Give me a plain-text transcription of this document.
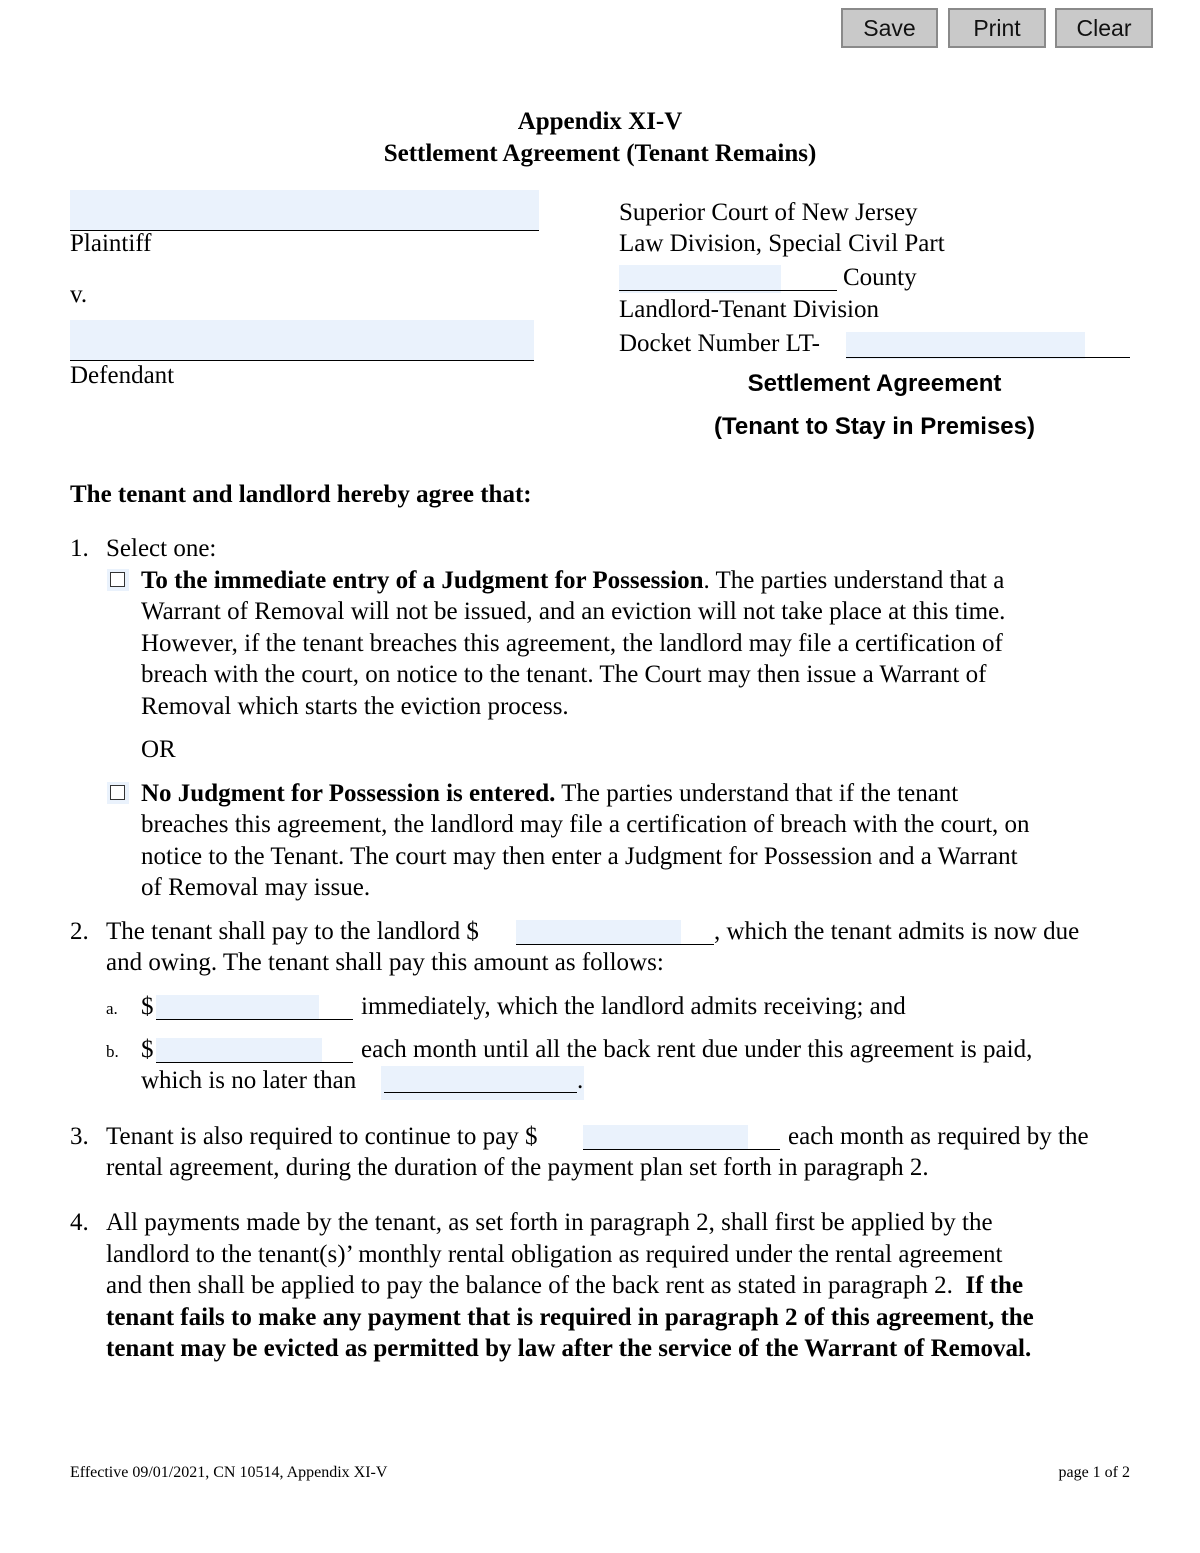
Save	Print	Clear
Appendix XI-V
Settlement Agreement (Tenant Remains)
Plaintiff
v.
Defendant
Superior Court of New Jersey
Law Division, Special Civil Part
County
Landlord-Tenant Division
Docket Number LT-
Settlement Agreement
(Tenant to Stay in Premises)
The tenant and landlord hereby agree that:
1. Select one:
To the immediate entry of a Judgment for Possession. The parties understand that a
Warrant of Removal will not be issued, and an eviction will not take place at this time.
However, if the tenant breaches this agreement, the landlord may file a certification of
breach with the court, on notice to the tenant. The Court may then issue a Warrant of
Removal which starts the eviction process.
OR
No Judgment for Possession is entered. The parties understand that if the tenant
breaches this agreement, the landlord may file a certification of breach with the court, on
notice to the Tenant. The court may then enter a Judgment for Possession and a Warrant
of Removal may issue.
2. The tenant shall pay to the landlord $	, which the tenant admits is now due
and owing. The tenant shall pay this amount as follows:
a. $	immediately, which the landlord admits receiving; and
b. $	each month until all the back rent due under this agreement is paid,
which is no later than	.
3. Tenant is also required to continue to pay $	each month as required by the
rental agreement, during the duration of the payment plan set forth in paragraph 2.
4. All payments made by the tenant, as set forth in paragraph 2, shall first be applied by the
landlord to the tenant(s)’ monthly rental obligation as required under the rental agreement
and then shall be applied to pay the balance of the back rent as stated in paragraph 2. If the
tenant fails to make any payment that is required in paragraph 2 of this agreement, the
tenant may be evicted as permitted by law after the service of the Warrant of Removal.
Effective 09/01/2021, CN 10514, Appendix XI-V	page 1 of 2
